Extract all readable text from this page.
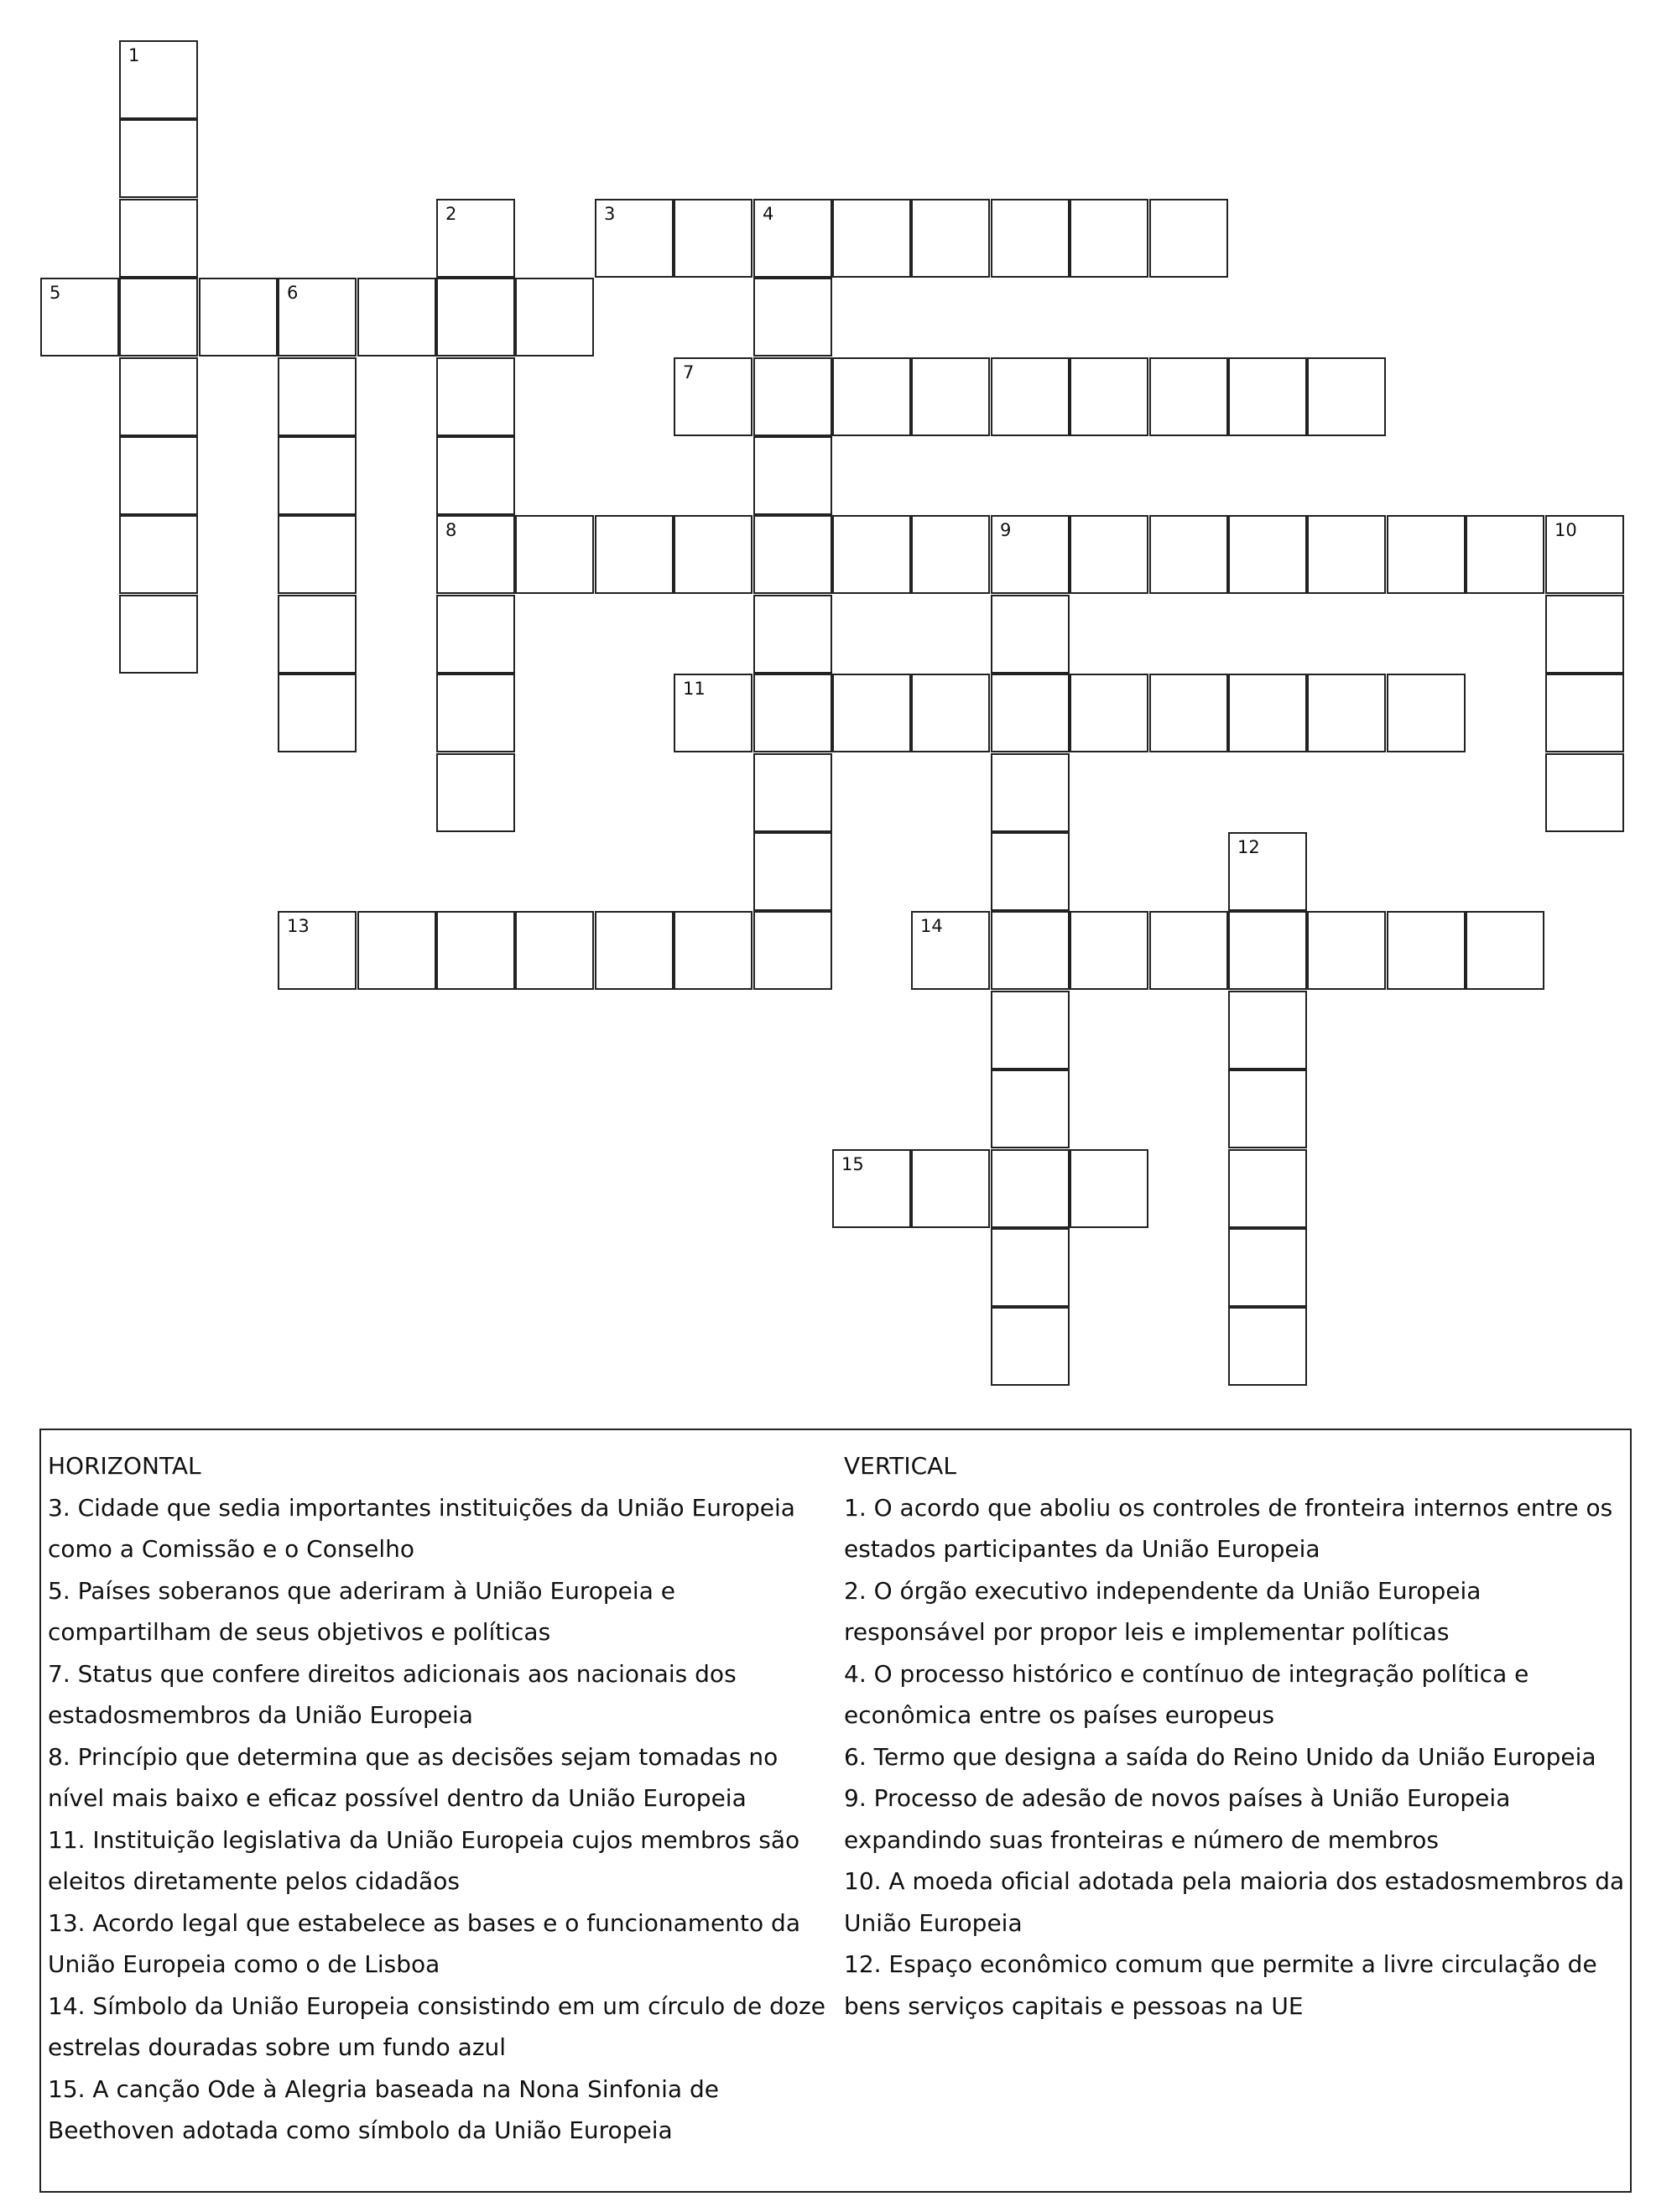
3	4
5	6
7
8	9	10
11
13	14
15
1
2
12
HORIZONTAL
3. Cidade que sedia importantes instituições da União Europeia como a Comissão e o Conselho
5. Países soberanos que aderiram à União Europeia e compartilham de seus objetivos e políticas
7. Status que confere direitos adicionais aos nacionais dos estadosmembros da União Europeia
8. Princípio que determina que as decisões sejam tomadas no nível mais baixo e eficaz possível dentro da União Europeia
11. Instituição legislativa da União Europeia cujos membros são eleitos diretamente pelos cidadãos
13. Acordo legal que estabelece as bases e o funcionamento da União Europeia como o de Lisboa
14. Símbolo da União Europeia consistindo em um círculo de doze estrelas douradas sobre um fundo azul
15. A canção Ode à Alegria baseada na Nona Sinfonia de Beethoven adotada como símbolo da União Europeia
VERTICAL
1. O acordo que aboliu os controles de fronteira internos entre os estados participantes da União Europeia
2. O órgão executivo independente da União Europeia responsável por propor leis e implementar políticas
4. O processo histórico e contínuo de integração política e econômica entre os países europeus
6. Termo que designa a saída do Reino Unido da União Europeia
9. Processo de adesão de novos países à União Europeia expandindo suas fronteiras e número de membros
10. A moeda oficial adotada pela maioria dos estadosmembros da União Europeia
12. Espaço econômico comum que permite a livre circulação de bens serviços capitais e pessoas na UE
